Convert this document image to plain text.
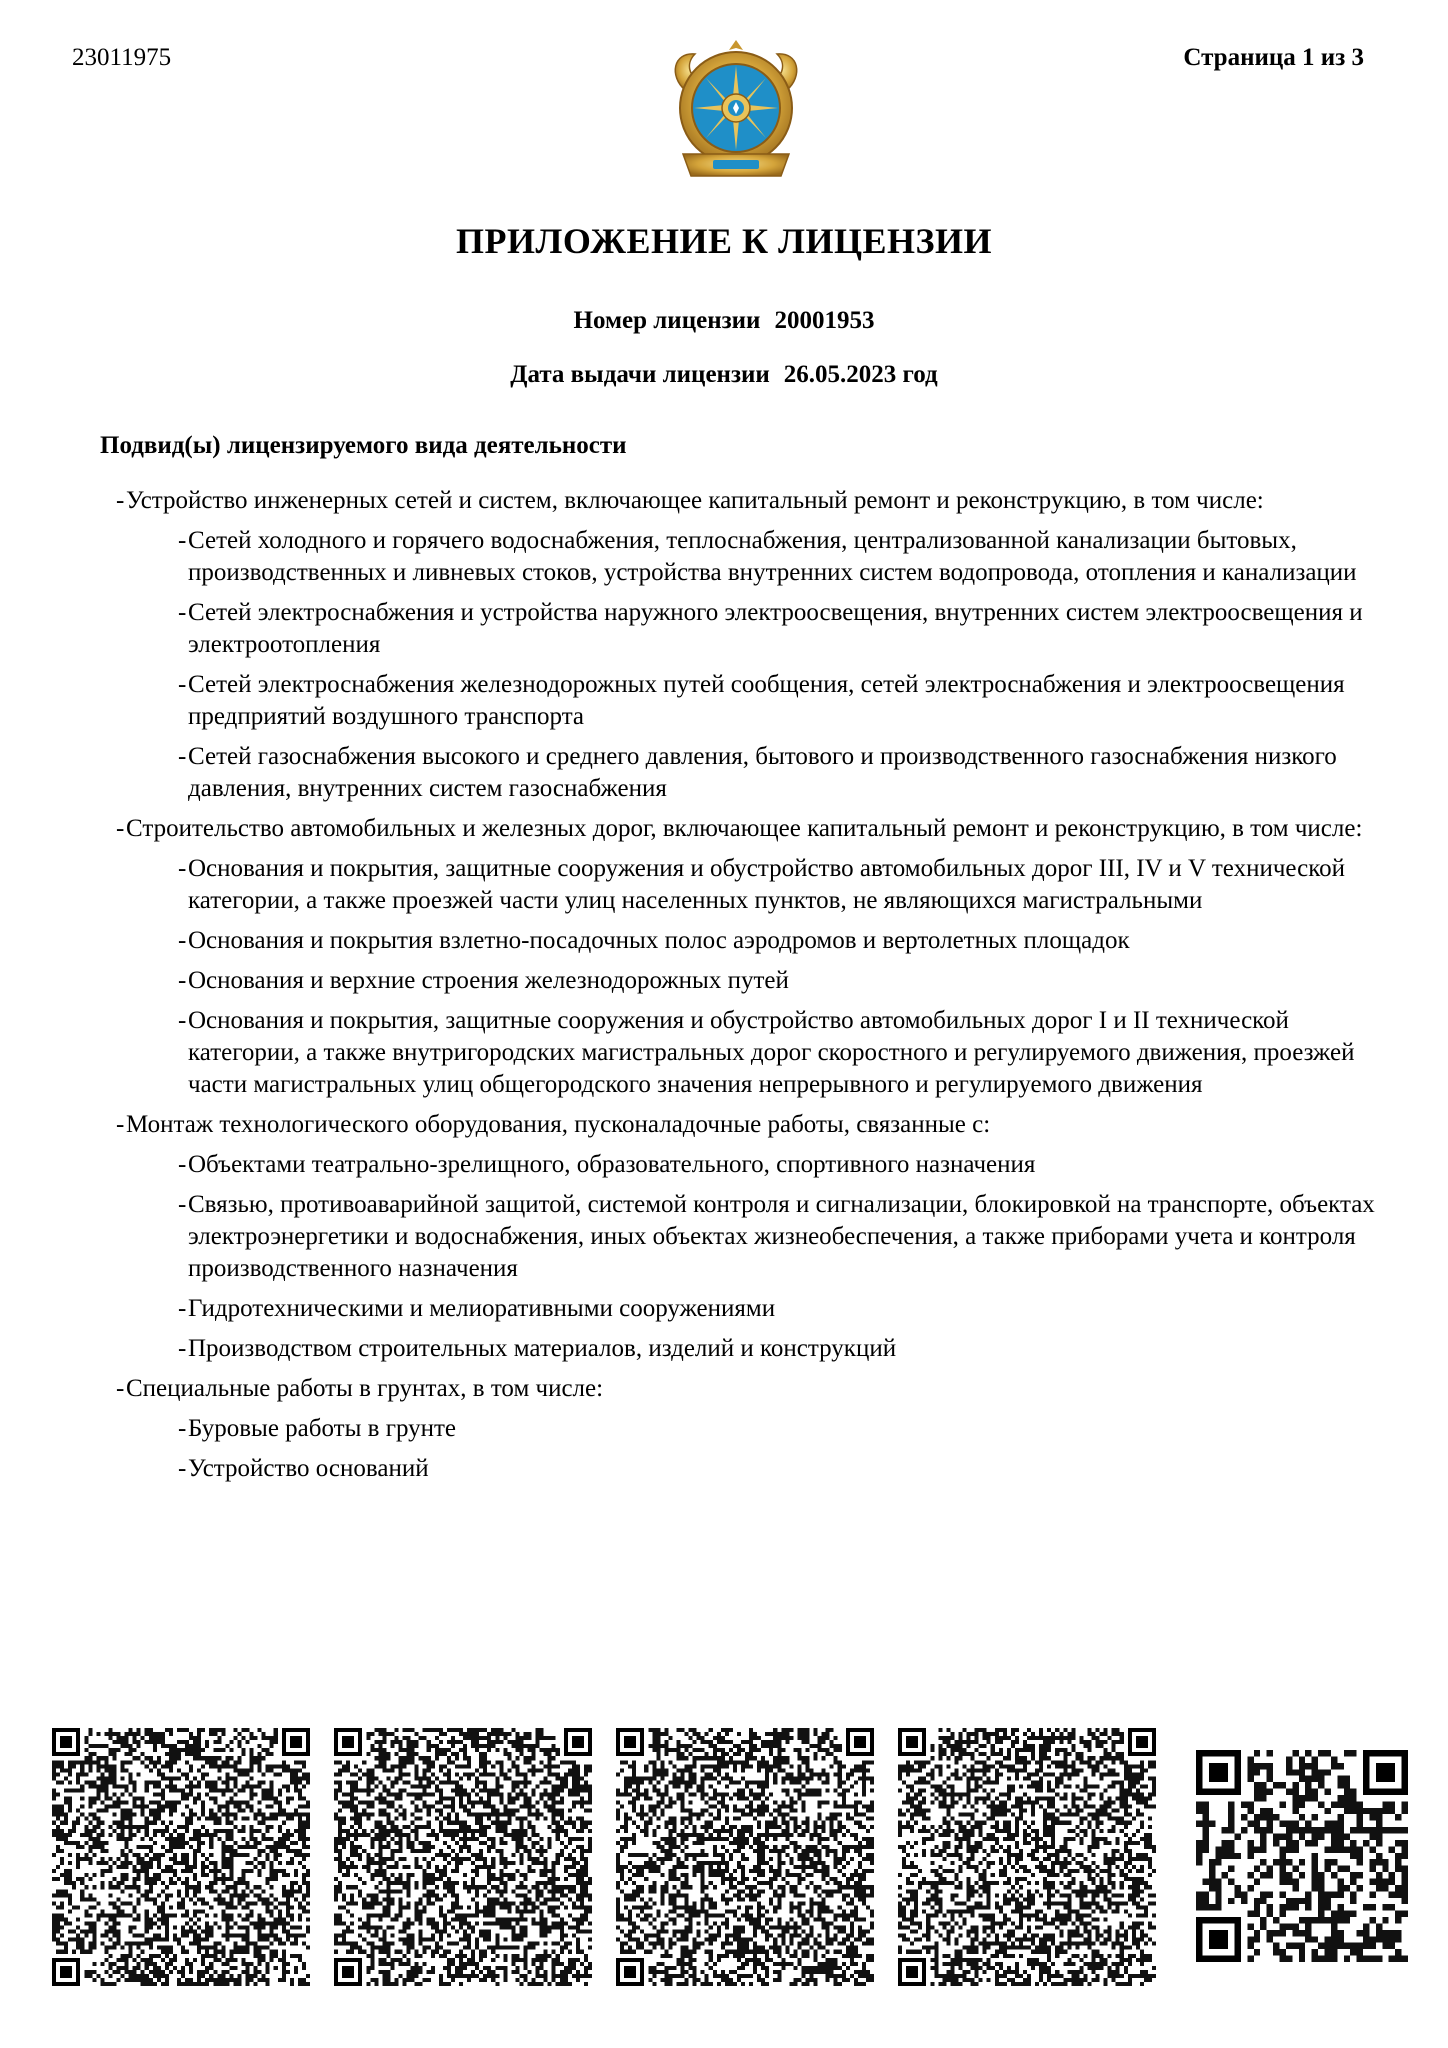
23011975	Страница 1 из 3
ПРИЛОЖЕНИЕ К ЛИЦЕНЗИИ
Номер лицензии 20001953
Дата выдачи лицензии 26.05.2023 год
Подвид(ы) лицензируемого вида деятельности
- Устройство инженерных сетей и систем, включающее капитальный ремонт и реконструкцию, в том числе:
- Сетей холодного и горячего водоснабжения, теплоснабжения, централизованной канализации бытовых, производственных и ливневых стоков, устройства внутренних систем водопровода, отопления и канализации
- Сетей электроснабжения и устройства наружного электроосвещения, внутренних систем электроосвещения и электроотопления
- Сетей электроснабжения железнодорожных путей сообщения, сетей электроснабжения и электроосвещения предприятий воздушного транспорта
- Сетей газоснабжения высокого и среднего давления, бытового и производственного газоснабжения низкого давления, внутренних систем газоснабжения
- Строительство автомобильных и железных дорог, включающее капитальный ремонт и реконструкцию, в том числе:
- Основания и покрытия, защитные сооружения и обустройство автомобильных дорог III, IV и V технической категории, а также проезжей части улиц населенных пунктов, не являющихся магистральными
- Основания и покрытия взлетно-посадочных полос аэродромов и вертолетных площадок
- Основания и верхние строения железнодорожных путей
- Основания и покрытия, защитные сооружения и обустройство автомобильных дорог I и II технической категории, а также внутригородских магистральных дорог скоростного и регулируемого движения, проезжей части магистральных улиц общегородского значения непрерывного и регулируемого движения
- Монтаж технологического оборудования, пусконаладочные работы, связанные с:
- Объектами театрально-зрелищного, образовательного, спортивного назначения
- Связью, противоаварийной защитой, системой контроля и сигнализации, блокировкой на транспорте, объектах электроэнергетики и водоснабжения, иных объектах жизнеобеспечения, а также приборами учета и контроля производственного назначения
- Гидротехническими и мелиоративными сооружениями
- Производством строительных материалов, изделий и конструкций
- Специальные работы в грунтах, в том числе:
- Буровые работы в грунте
- Устройство оснований
